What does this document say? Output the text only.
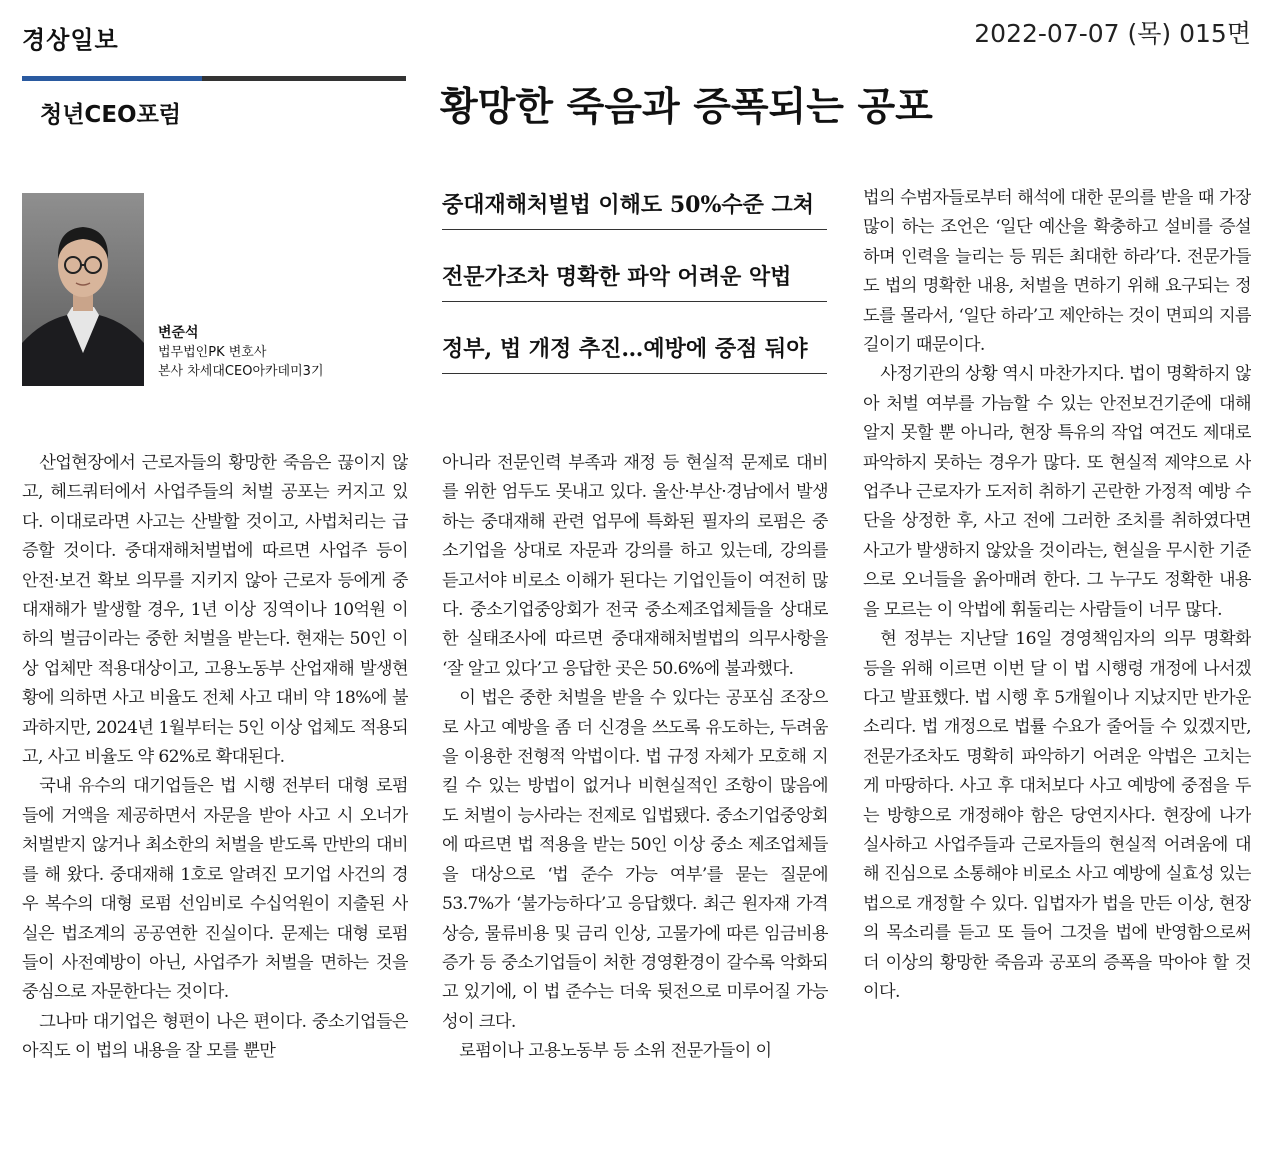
경상일보	2022-07-07 (목) 015면
청년CEO포럼	황망한 죽음과 증폭되는 공포
변준석
법무법인PK 변호사
본사 차세대CEO아카데미3기
중대재해처벌법 이해도 50%수준 그쳐
전문가조차 명확한 파악 어려운 악법
정부, 법 개정 추진…예방에 중점 둬야

산업현장에서 근로자들의 황망한 죽음은 끊이지 않고, 헤드쿼터에서 사업주들의 처벌 공포는 커지고 있다. 이대로라면 사고는 산발할 것이고, 사법처리는 급증할 것이다. 중대재해처벌법에 따르면 사업주 등이 안전·보건 확보 의무를 지키지 않아 근로자 등에게 중대재해가 발생할 경우, 1년 이상 징역이나 10억원 이하의 벌금이라는 중한 처벌을 받는다. 현재는 50인 이상 업체만 적용대상이고, 고용노동부 산업재해 발생현황에 의하면 사고 비율도 전체 사고 대비 약 18%에 불과하지만, 2024년 1월부터는 5인 이상 업체도 적용되고, 사고 비율도 약 62%로 확대된다.

국내 유수의 대기업들은 법 시행 전부터 대형 로펌들에 거액을 제공하면서 자문을 받아 사고 시 오너가 처벌받지 않거나 최소한의 처벌을 받도록 만반의 대비를 해 왔다. 중대재해 1호로 알려진 모기업 사건의 경우 복수의 대형 로펌 선임비로 수십억원이 지출된 사실은 법조계의 공공연한 진실이다. 문제는 대형 로펌들이 사전예방이 아닌, 사업주가 처벌을 면하는 것을 중심으로 자문한다는 것이다.

그나마 대기업은 형편이 나은 편이다. 중소기업들은 아직도 이 법의 내용을 잘 모를 뿐만

아니라 전문인력 부족과 재정 등 현실적 문제로 대비를 위한 엄두도 못내고 있다. 울산·부산·경남에서 발생하는 중대재해 관련 업무에 특화된 필자의 로펌은 중소기업을 상대로 자문과 강의를 하고 있는데, 강의를 듣고서야 비로소 이해가 된다는 기업인들이 여전히 많다. 중소기업중앙회가 전국 중소제조업체들을 상대로 한 실태조사에 따르면 중대재해처벌법의 의무사항을 ‘잘 알고 있다’고 응답한 곳은 50.6%에 불과했다.

이 법은 중한 처벌을 받을 수 있다는 공포심 조장으로 사고 예방을 좀 더 신경을 쓰도록 유도하는, 두려움을 이용한 전형적 악법이다. 법 규정 자체가 모호해 지킬 수 있는 방법이 없거나 비현실적인 조항이 많음에도 처벌이 능사라는 전제로 입법됐다. 중소기업중앙회에 따르면 법 적용을 받는 50인 이상 중소 제조업체들을 대상으로 ‘법 준수 가능 여부’를 묻는 질문에 53.7%가 ‘불가능하다’고 응답했다. 최근 원자재 가격 상승, 물류비용 및 금리 인상, 고물가에 따른 임금비용 증가 등 중소기업들이 처한 경영환경이 갈수록 악화되고 있기에, 이 법 준수는 더욱 뒷전으로 미루어질 가능성이 크다.

로펌이나 고용노동부 등 소위 전문가들이 이

법의 수범자들로부터 해석에 대한 문의를 받을 때 가장 많이 하는 조언은 ‘일단 예산을 확충하고 설비를 증설하며 인력을 늘리는 등 뭐든 최대한 하라’다. 전문가들도 법의 명확한 내용, 처벌을 면하기 위해 요구되는 정도를 몰라서, ‘일단 하라’고 제안하는 것이 면피의 지름길이기 때문이다.

사정기관의 상황 역시 마찬가지다. 법이 명확하지 않아 처벌 여부를 가늠할 수 있는 안전보건기준에 대해 알지 못할 뿐 아니라, 현장 특유의 작업 여건도 제대로 파악하지 못하는 경우가 많다. 또 현실적 제약으로 사업주나 근로자가 도저히 취하기 곤란한 가정적 예방 수단을 상정한 후, 사고 전에 그러한 조치를 취하였다면 사고가 발생하지 않았을 것이라는, 현실을 무시한 기준으로 오너들을 옭아매려 한다. 그 누구도 정확한 내용을 모르는 이 악법에 휘둘리는 사람들이 너무 많다.

현 정부는 지난달 16일 경영책임자의 의무 명확화 등을 위해 이르면 이번 달 이 법 시행령 개정에 나서겠다고 발표했다. 법 시행 후 5개월이나 지났지만 반가운 소리다. 법 개정으로 법률 수요가 줄어들 수 있겠지만, 전문가조차도 명확히 파악하기 어려운 악법은 고치는 게 마땅하다. 사고 후 대처보다 사고 예방에 중점을 두는 방향으로 개정해야 함은 당연지사다. 현장에 나가 실사하고 사업주들과 근로자들의 현실적 어려움에 대해 진심으로 소통해야 비로소 사고 예방에 실효성 있는 법으로 개정할 수 있다. 입법자가 법을 만든 이상, 현장의 목소리를 듣고 또 들어 그것을 법에 반영함으로써 더 이상의 황망한 죽음과 공포의 증폭을 막아야 할 것이다.
